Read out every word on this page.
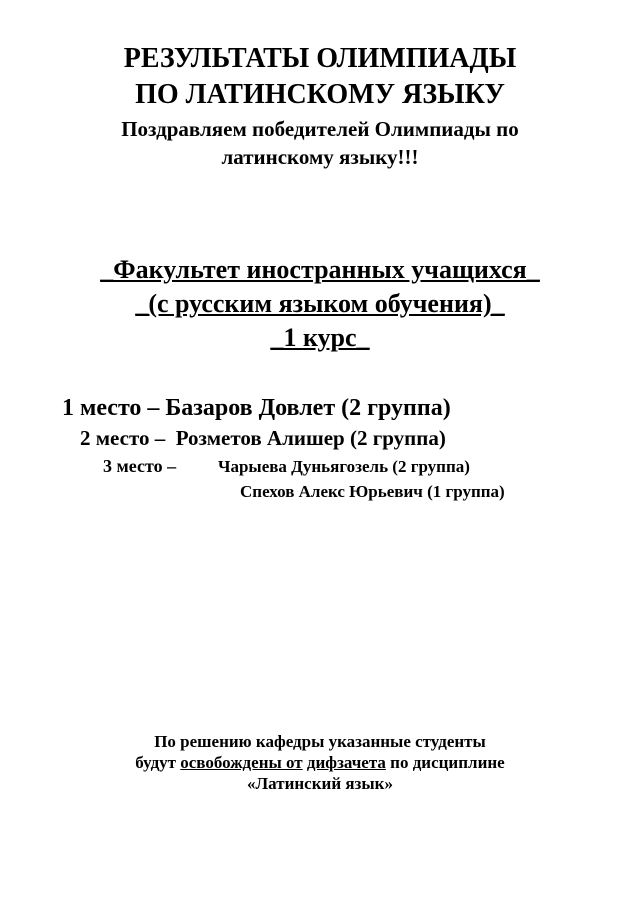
РЕЗУЛЬТАТЫ ОЛИМПИАДЫ

ПО ЛАТИНСКОМУ ЯЗЫКУ

Поздравляем победителей Олимпиады по

латинскому языку!!!

_Факультет иностранных учащихся_

_(с русским языком обучения)_

_1 курс_

1 место – Базаров Довлет (2 группа)

2 место – Розметов Алишер (2 группа)

3 место – Чарыева Дуньягозель (2 группа)

Спехов Алекс Юрьевич (1 группа)

По решению кафедры указанные студенты

будут освобождены от дифзачета по дисциплине

«Латинский язык»
